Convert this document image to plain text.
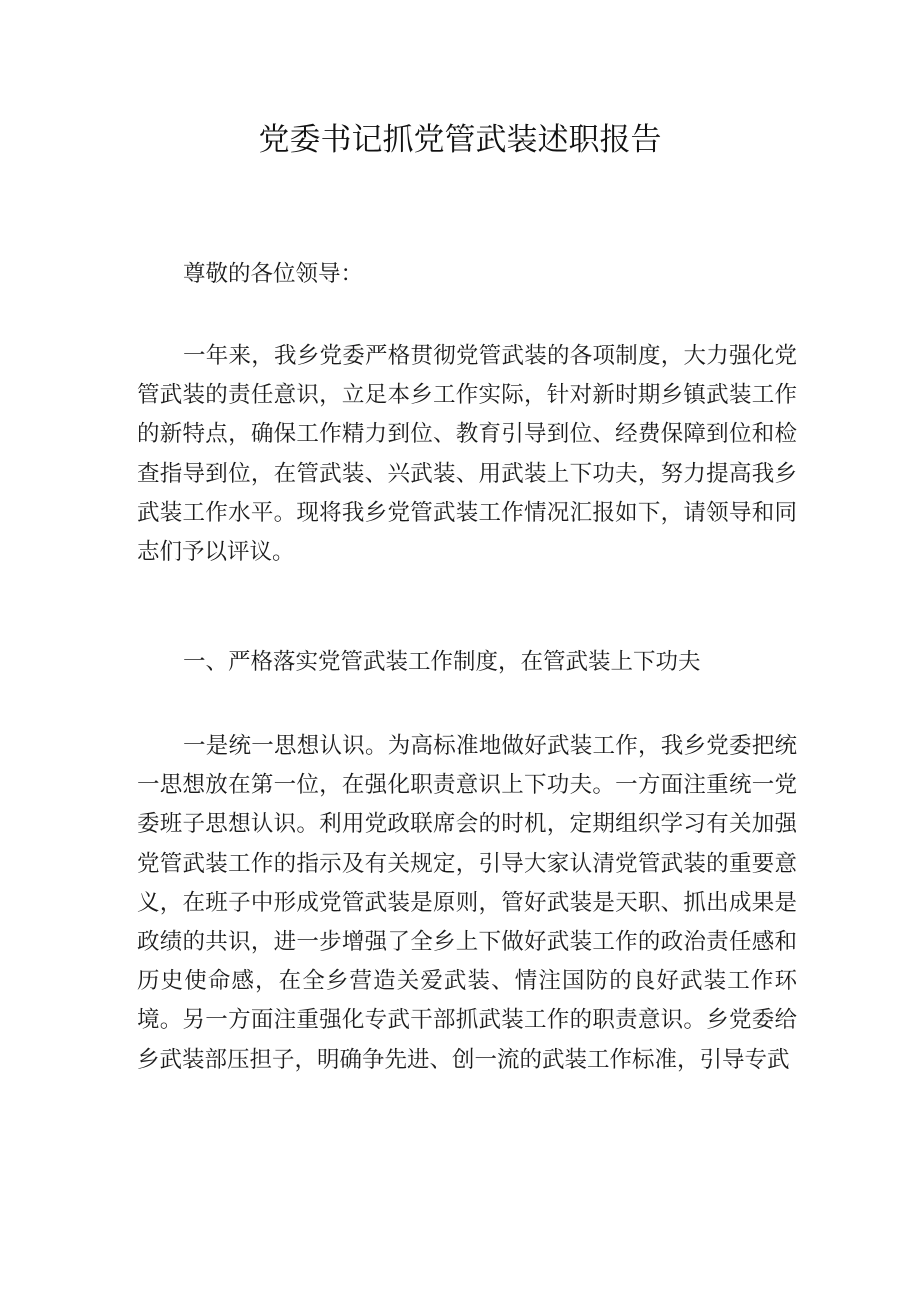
党委书记抓党管武装述职报告

尊敬的各位领导：

一年来，我乡党委严格贯彻党管武装的各项制度，大力强化党管武装的责任意识，立足本乡工作实际，针对新时期乡镇武装工作的新特点，确保工作精力到位、教育引导到位、经费保障到位和检查指导到位，在管武装、兴武装、用武装上下功夫，努力提高我乡武装工作水平。现将我乡党管武装工作情况汇报如下，请领导和同志们予以评议。

一、严格落实党管武装工作制度，在管武装上下功夫

一是统一思想认识。为高标准地做好武装工作，我乡党委把统一思想放在第一位，在强化职责意识上下功夫。一方面注重统一党委班子思想认识。利用党政联席会的时机，定期组织学习有关加强党管武装工作的指示及有关规定，引导大家认清党管武装的重要意义，在班子中形成党管武装是原则，管好武装是天职、抓出成果是政绩的共识，进一步增强了全乡上下做好武装工作的政治责任感和历史使命感，在全乡营造关爱武装、情注国防的良好武装工作环境。另一方面注重强化专武干部抓武装工作的职责意识。乡党委给乡武装部压担子，明确争先进、创一流的武装工作标准，引导专武
